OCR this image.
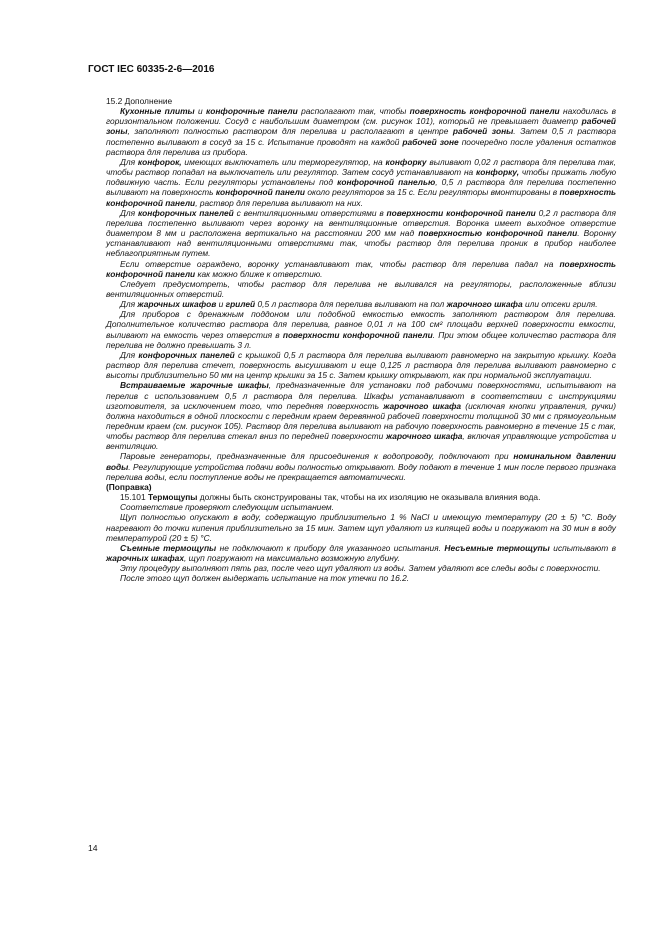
ГОСТ IEC 60335-2-6—2016

15.2 Дополнение

Кухонные плиты и конфорочные панели располагают так, чтобы поверхность конфорочной панели находилась в горизонтальном положении. Сосуд с наибольшим диаметром (см. рисунок 101), который не превышает диаметр рабочей зоны, заполняют полностью раствором для перелива и располагают в центре рабочей зоны. Затем 0,5 л раствора постепенно выливают в сосуд за 15 с. Испытание проводят на каждой рабочей зоне поочередно после удаления остатков раствора для перелива из прибора.

Для конфорок, имеющих выключатель или терморегулятор, на конфорку выливают 0,02 л раствора для перелива так, чтобы раствор попадал на выключатель или регулятор. Затем сосуд устанавливают на конфорку, чтобы прижать любую подвижную часть. Если регуляторы установлены под конфорочной панелью, 0,5 л раствора для перелива постепенно выливают на поверхность конфорочной панели около регуляторов за 15 с. Если регуляторы вмонтированы в поверхность конфорочной панели, раствор для перелива выливают на них.

Для конфорочных панелей с вентиляционными отверстиями в поверхности конфорочной панели 0,2 л раствора для перелива постепенно выливают через воронку на вентиляционные отверстия. Воронка имеет выходное отверстие диаметром 8 мм и расположена вертикально на расстоянии 200 мм над поверхностью конфорочной панели. Воронку устанавливают над вентиляционными отверстиями так, чтобы раствор для перелива проник в прибор наиболее неблагоприятным путем.

Если отверстие ограждено, воронку устанавливают так, чтобы раствор для перелива падал на поверхность конфорочной панели как можно ближе к отверстию.

Следует предусмотреть, чтобы раствор для перелива не выливался на регуляторы, расположенные вблизи вентиляционных отверстий.

Для жарочных шкафов и грилей 0,5 л раствора для перелива выливают на пол жарочного шкафа или отсеки гриля.

Для приборов с дренажным поддоном или подобной емкостью емкость заполняют раствором для перелива. Дополнительное количество раствора для перелива, равное 0,01 л на 100 см² площади верхней поверхности емкости, выливают на емкость через отверстия в поверхности конфорочной панели. При этом общее количество раствора для перелива не должно превышать 3 л.

Для конфорочных панелей с крышкой 0,5 л раствора для перелива выливают равномерно на закрытую крышку. Когда раствор для перелива стечет, поверхность высушивают и еще 0,125 л раствора для перелива выливают равномерно с высоты приблизительно 50 мм на центр крышки за 15 с. Затем крышку открывают, как при нормальной эксплуатации.

Встраиваемые жарочные шкафы, предназначенные для установки под рабочими поверхностями, испытывают на перелив с использованием 0,5 л раствора для перелива. Шкафы устанавливают в соответствии с инструкциями изготовителя, за исключением того, что передняя поверхность жарочного шкафа (исключая кнопки управления, ручки) должна находиться в одной плоскости с передним краем деревянной рабочей поверхности толщиной 30 мм с прямоугольным передним краем (см. рисунок 105). Раствор для перелива выливают на рабочую поверхность равномерно в течение 15 с так, чтобы раствор для перелива стекал вниз по передней поверхности жарочного шкафа, включая управляющие устройства и вентиляцию.

Паровые генераторы, предназначенные для присоединения к водопроводу, подключают при номинальном давлении воды. Регулирующие устройства подачи воды полностью открывают. Воду подают в течение 1 мин после первого признака перелива воды, если поступление воды не прекращается автоматически.

(Поправка)

15.101 Термощупы должны быть сконструированы так, чтобы на их изоляцию не оказывала влияния вода.

Соответствие проверяют следующим испытанием.

Щуп полностью опускают в воду, содержащую приблизительно 1 % NaCl и имеющую температуру (20 ± 5) °С. Воду нагревают до точки кипения приблизительно за 15 мин. Затем щуп удаляют из кипящей воды и погружают на 30 мин в воду температурой (20 ± 5) °С.

Съемные термощупы не подключают к прибору для указанного испытания. Несъемные термощупы испытывают в жарочных шкафах, щуп погружают на максимально возможную глубину.

Эту процедуру выполняют пять раз, после чего щуп удаляют из воды. Затем удаляют все следы воды с поверхности.

После этого щуп должен выдержать испытание на ток утечки по 16.2.

14
